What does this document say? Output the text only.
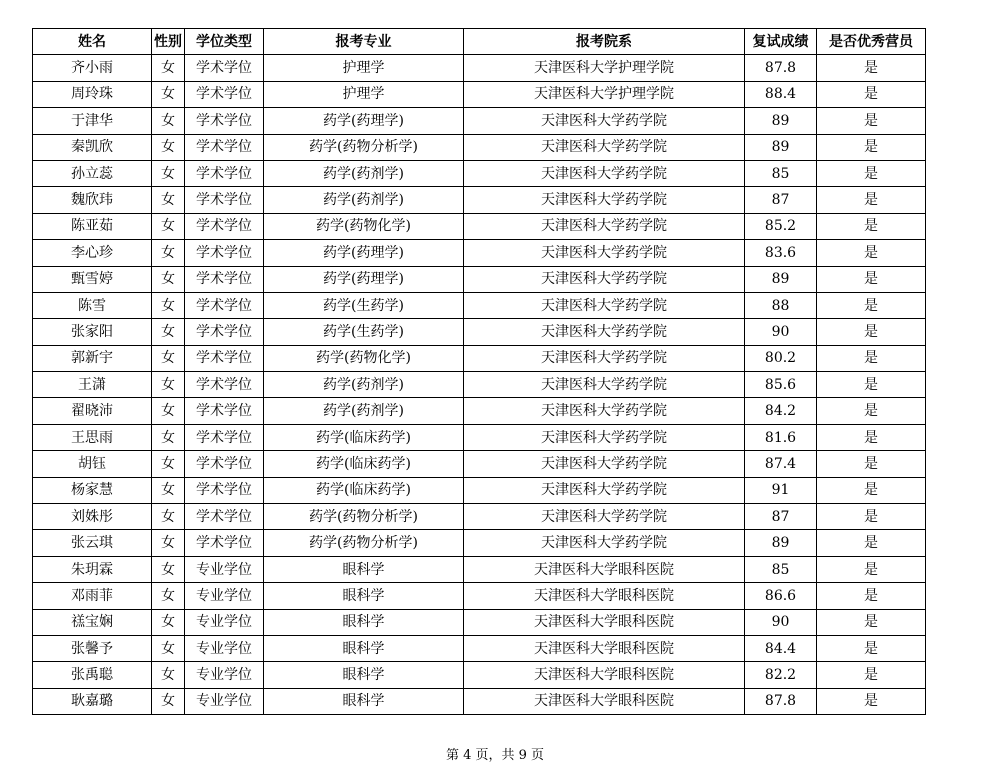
姓名	性别	学位类型	报考专业	报考院系	复试成绩	是否优秀营员
齐小雨	女	学术学位	护理学	天津医科大学护理学院	87.8	是
周玲珠	女	学术学位	护理学	天津医科大学护理学院	88.4	是
于津华	女	学术学位	药学(药理学)	天津医科大学药学院	89	是
秦凯欣	女	学术学位	药学(药物分析学)	天津医科大学药学院	89	是
孙立蕊	女	学术学位	药学(药剂学)	天津医科大学药学院	85	是
魏欣玮	女	学术学位	药学(药剂学)	天津医科大学药学院	87	是
陈亚茹	女	学术学位	药学(药物化学)	天津医科大学药学院	85.2	是
李心珍	女	学术学位	药学(药理学)	天津医科大学药学院	83.6	是
甄雪婷	女	学术学位	药学(药理学)	天津医科大学药学院	89	是
陈雪	女	学术学位	药学(生药学)	天津医科大学药学院	88	是
张家阳	女	学术学位	药学(生药学)	天津医科大学药学院	90	是
郭新宇	女	学术学位	药学(药物化学)	天津医科大学药学院	80.2	是
王潇	女	学术学位	药学(药剂学)	天津医科大学药学院	85.6	是
翟晓沛	女	学术学位	药学(药剂学)	天津医科大学药学院	84.2	是
王思雨	女	学术学位	药学(临床药学)	天津医科大学药学院	81.6	是
胡钰	女	学术学位	药学(临床药学)	天津医科大学药学院	87.4	是
杨家慧	女	学术学位	药学(临床药学)	天津医科大学药学院	91	是
刘姝彤	女	学术学位	药学(药物分析学)	天津医科大学药学院	87	是
张云琪	女	学术学位	药学(药物分析学)	天津医科大学药学院	89	是
朱玥霖	女	专业学位	眼科学	天津医科大学眼科医院	85	是
邓雨菲	女	专业学位	眼科学	天津医科大学眼科医院	86.6	是
禚宝娴	女	专业学位	眼科学	天津医科大学眼科医院	90	是
张馨予	女	专业学位	眼科学	天津医科大学眼科医院	84.4	是
张禹聪	女	专业学位	眼科学	天津医科大学眼科医院	82.2	是
耿嘉璐	女	专业学位	眼科学	天津医科大学眼科医院	87.8	是
第 4 页，共 9 页
